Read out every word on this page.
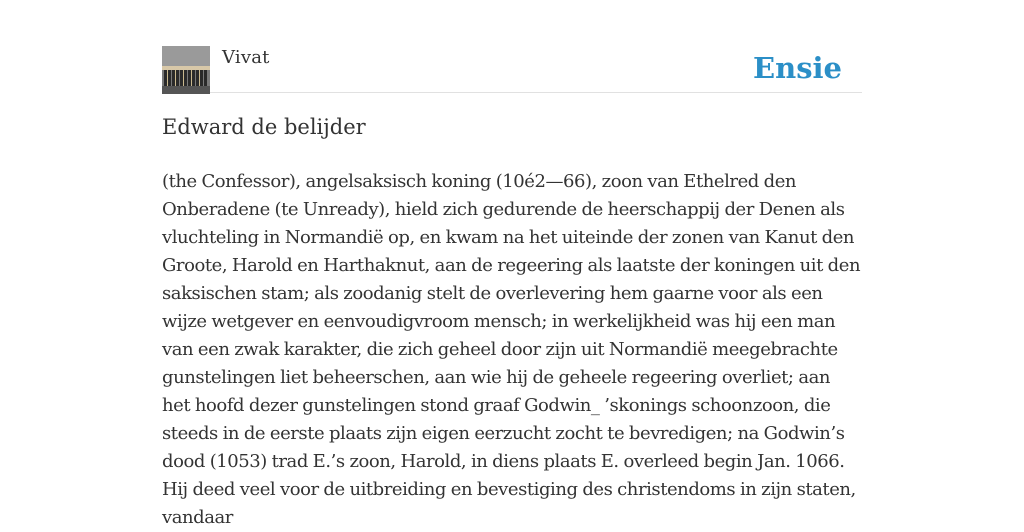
Vivat	Ensie
Edward de belijder

(the Confessor), angelsaksisch koning (10é2—66), zoon van Ethelred den Onberadene (te Unready), hield zich gedurende de heerschappij der Denen als vluchteling in Normandië op, en kwam na het uiteinde der zonen van Kanut den Groote, Harold en Harthaknut, aan de regeering als laatste der koningen uit den saksischen stam; als zoodanig stelt de overlevering hem gaarne voor als een wijze wetgever en eenvoudigvroom mensch; in werkelijkheid was hij een man van een zwak karakter, die zich geheel door zijn uit Normandië meegebrachte gunstelingen liet beheerschen, aan wie hij de geheele regeering overliet; aan het hoofd dezer gunstelingen stond graaf Godwin_ ’skonings schoonzoon, die steeds in de eerste plaats zijn eigen eerzucht zocht te bevredigen; na Godwin’s dood (1053) trad E.’s zoon, Harold, in diens plaats E. overleed begin Jan. 1066. Hij deed veel voor de uitbreiding en bevestiging des christendoms in zijn staten, vandaar
